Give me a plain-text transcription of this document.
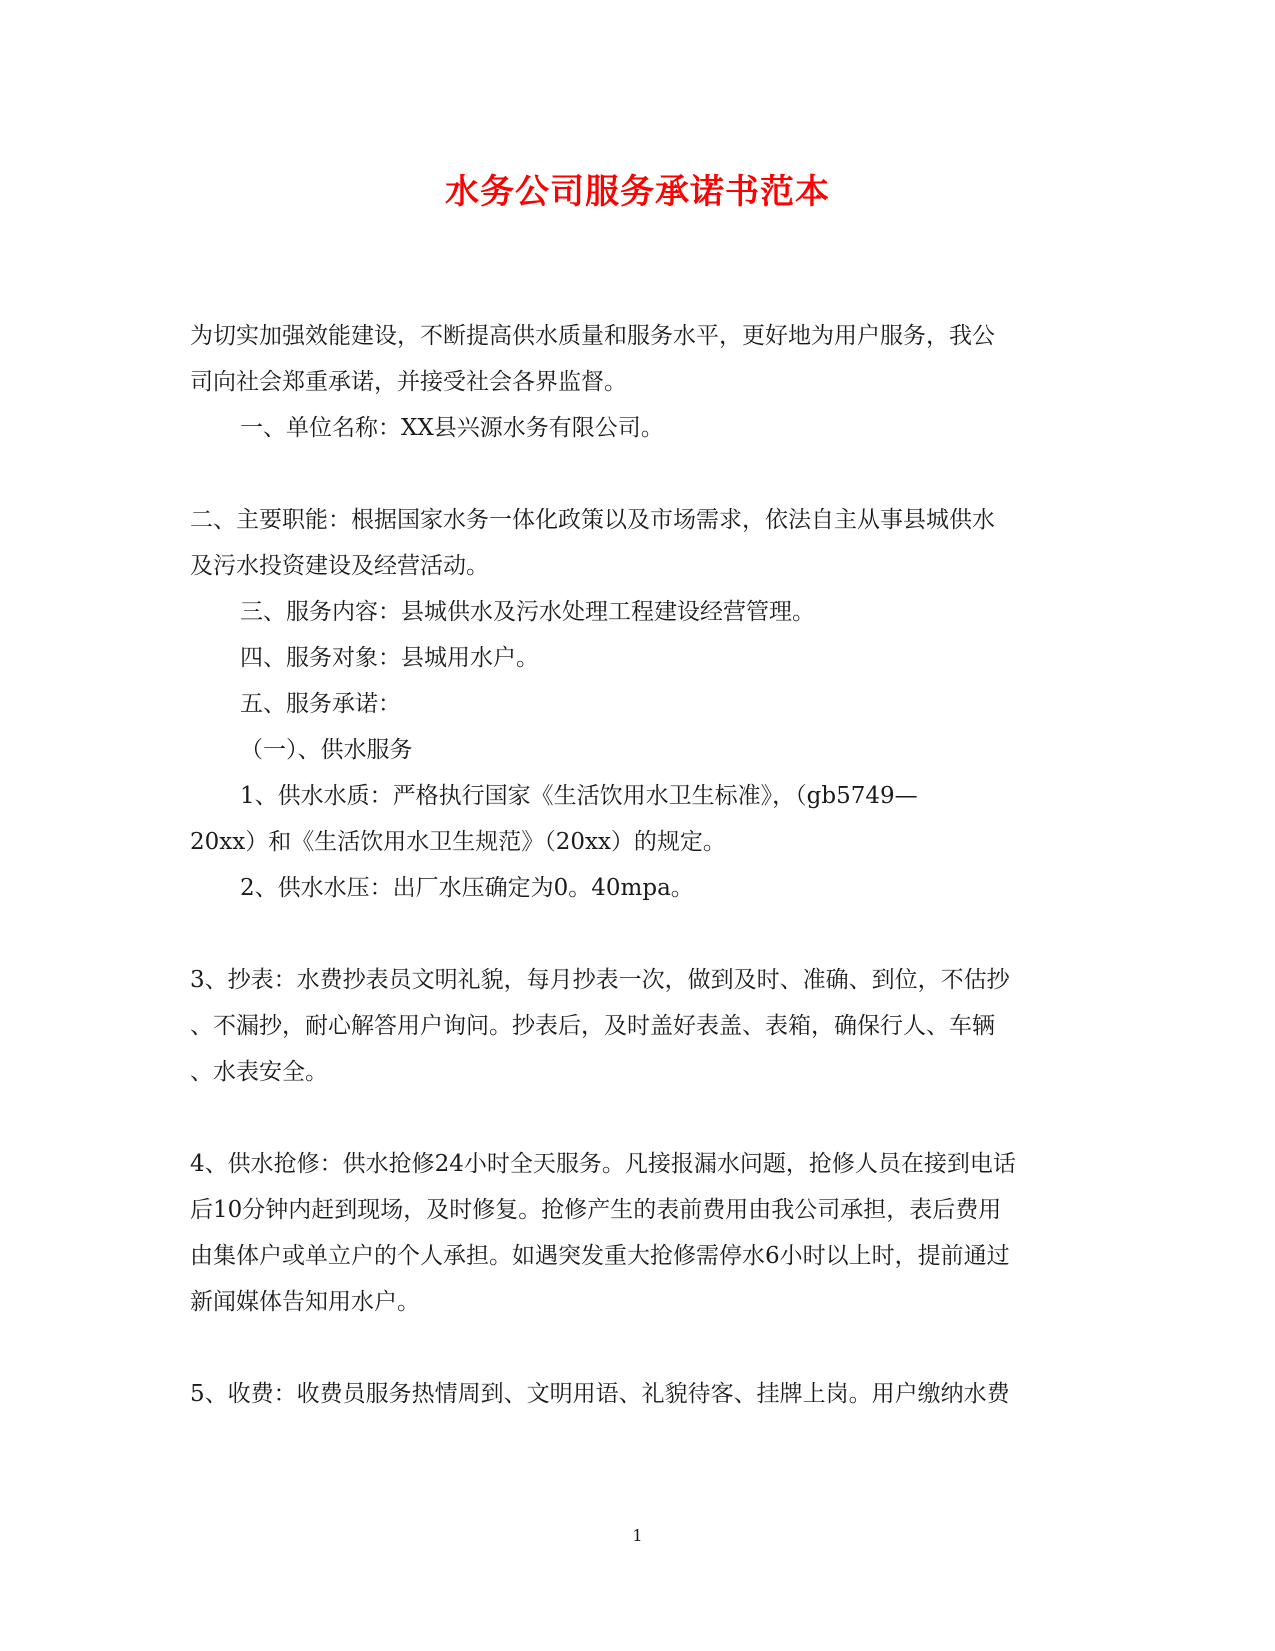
水务公司服务承诺书范本
为切实加强效能建设，不断提高供水质量和服务水平，更好地为用户服务，我公
司向社会郑重承诺，并接受社会各界监督。
一、单位名称：XX县兴源水务有限公司。
二、主要职能：根据国家水务一体化政策以及市场需求，依法自主从事县城供水
及污水投资建设及经营活动。
三、服务内容：县城供水及污水处理工程建设经营管理。
四、服务对象：县城用水户。
五、服务承诺：
（一）、供水服务
1、供水水质：严格执行国家《生活饮用水卫生标准》，（gb5749—
20xx）和《生活饮用水卫生规范》（20xx）的规定。
2、供水水压：出厂水压确定为0。40mpa。
3、抄表：水费抄表员文明礼貌，每月抄表一次，做到及时、准确、到位，不估抄
、不漏抄，耐心解答用户询问。抄表后，及时盖好表盖、表箱，确保行人、车辆
、水表安全。
4、供水抢修：供水抢修24小时全天服务。凡接报漏水问题，抢修人员在接到电话
后10分钟内赶到现场，及时修复。抢修产生的表前费用由我公司承担，表后费用
由集体户或单立户的个人承担。如遇突发重大抢修需停水6小时以上时，提前通过
新闻媒体告知用水户。
5、收费：收费员服务热情周到、文明用语、礼貌待客、挂牌上岗。用户缴纳水费
1
